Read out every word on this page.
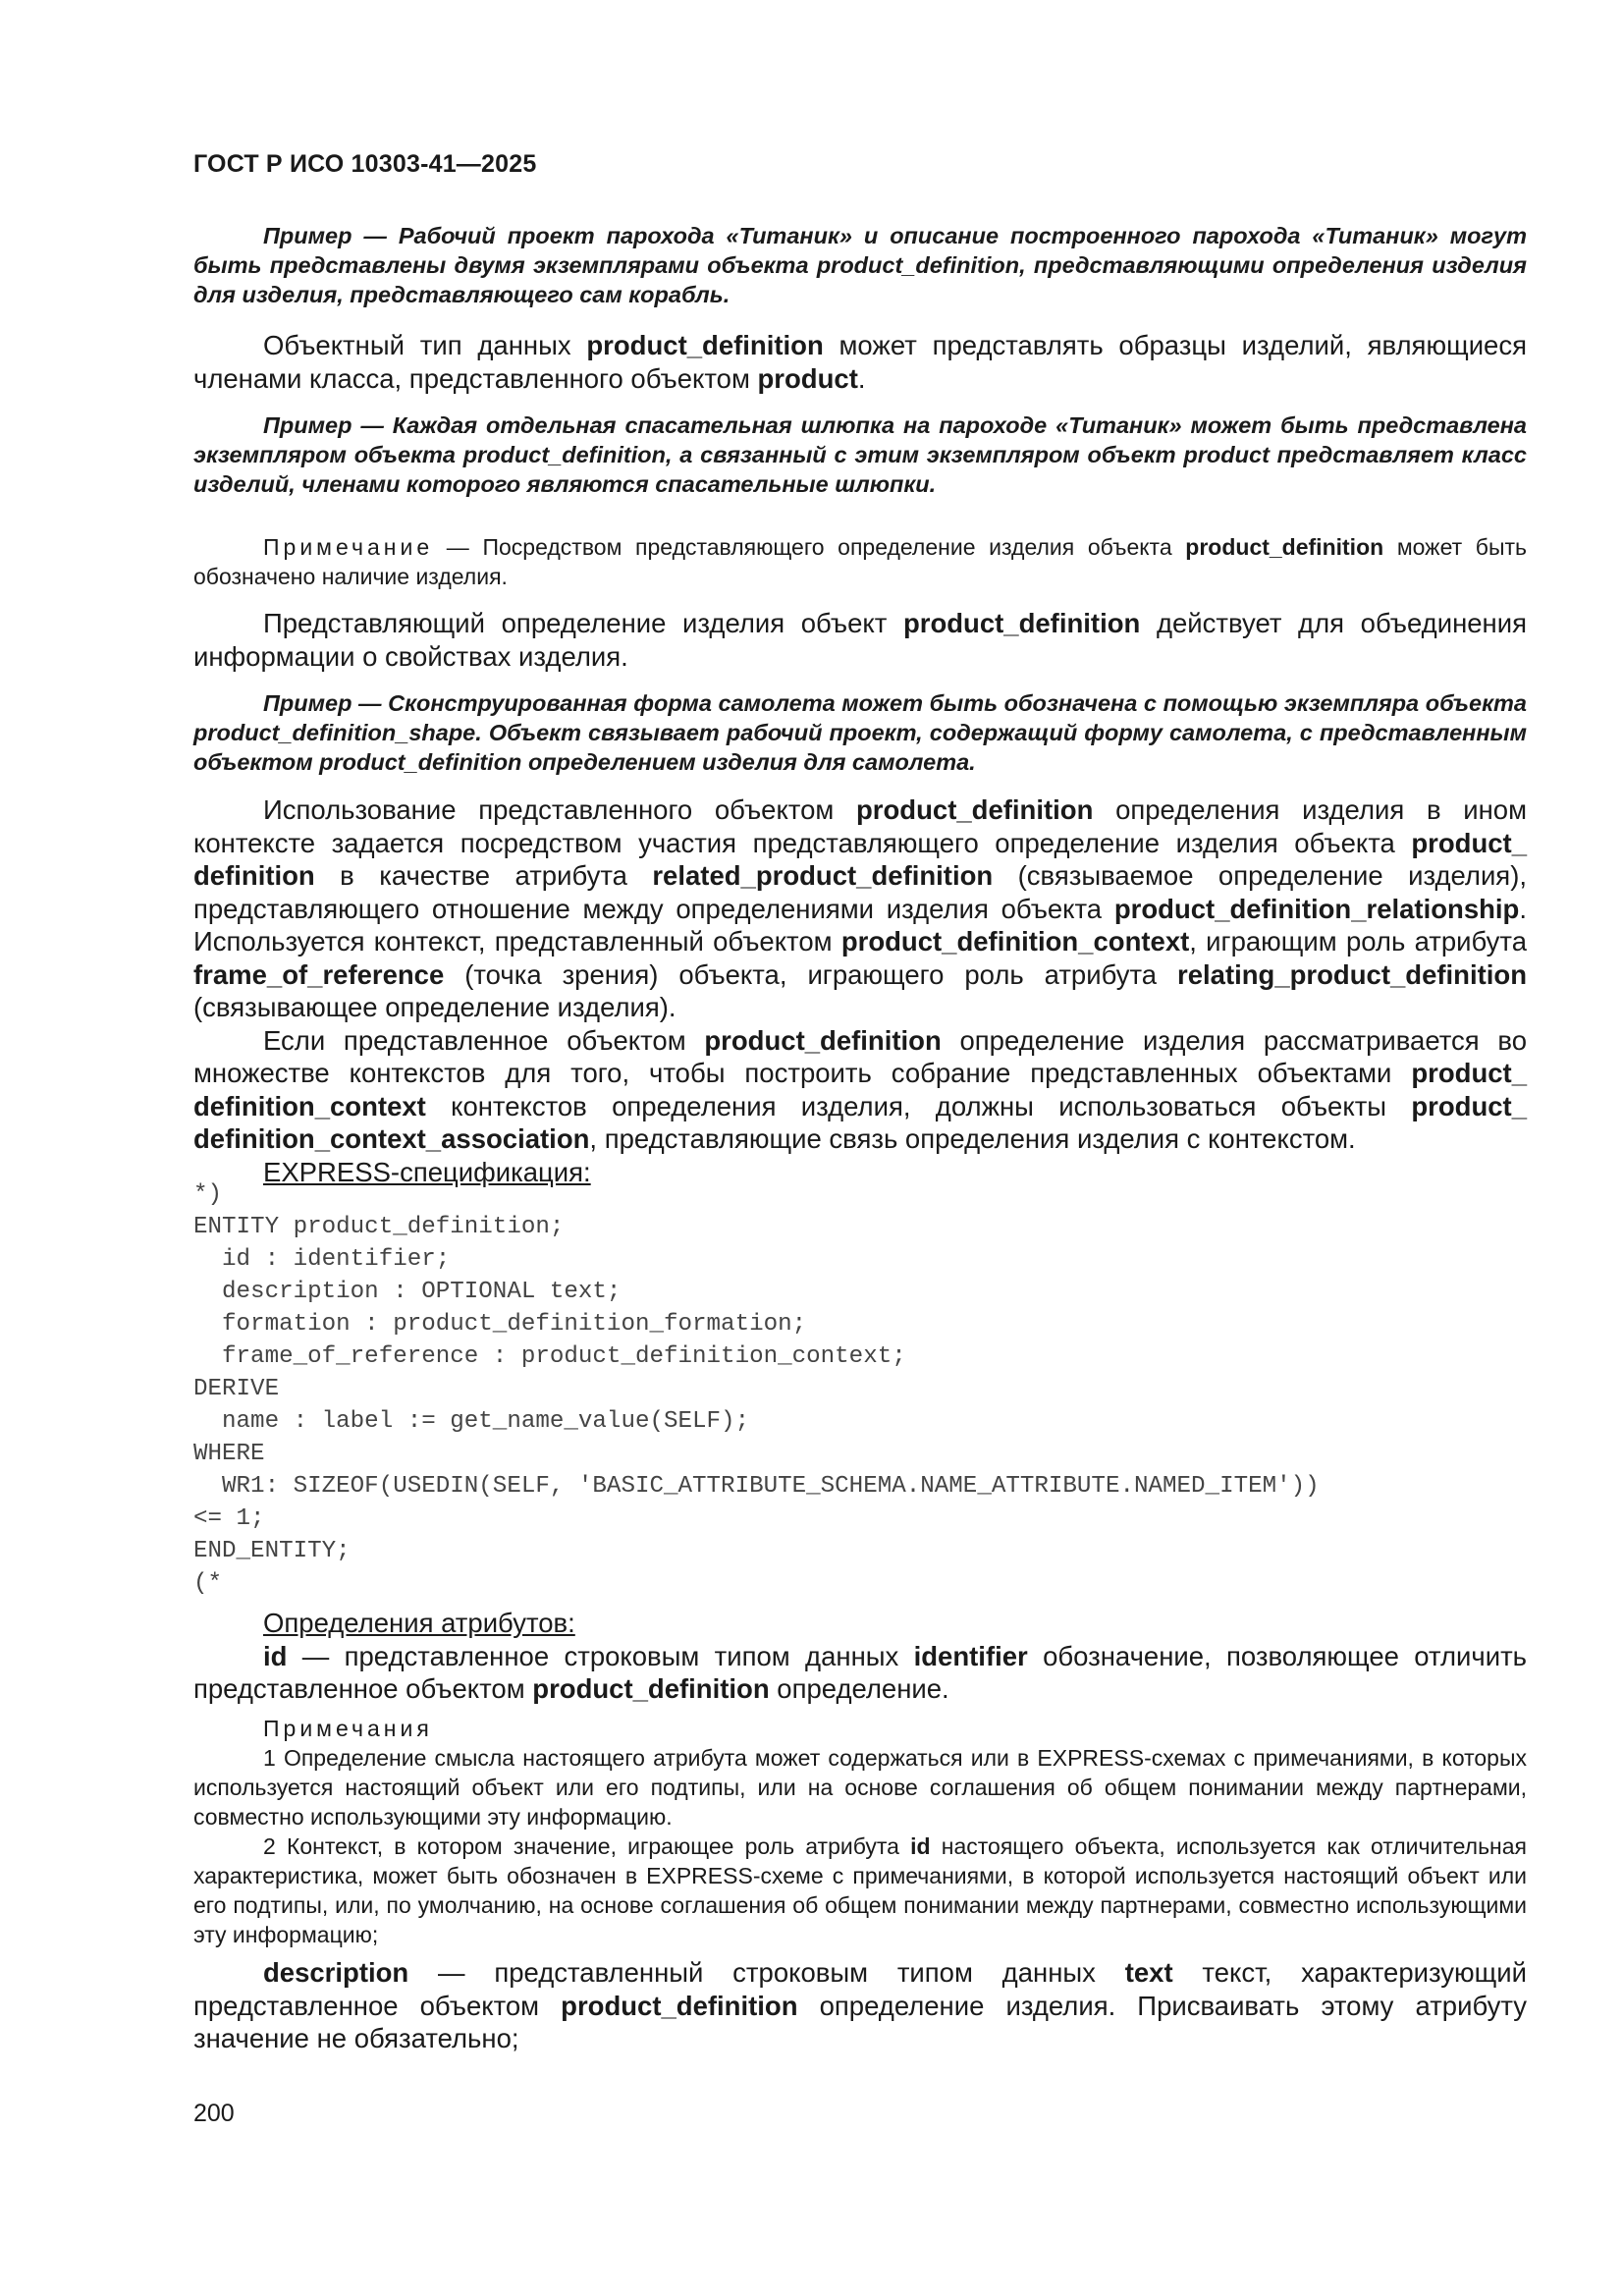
ГОСТ Р ИСО 10303-41—2025

Пример — Рабочий проект парохода «Титаник» и описание построенного парохода «Титаник» могут быть представлены двумя экземплярами объекта product_definition, представляющими определения изделия для изделия, представляющего сам корабль.

Объектный тип данных product_definition может представлять образцы изделий, являющиеся членами класса, представленного объектом product.

Пример — Каждая отдельная спасательная шлюпка на пароходе «Титаник» может быть представлена экземпляром объекта product_definition, а связанный с этим экземпляром объект product представляет класс изделий, членами которого являются спасательные шлюпки.

Примечание — Посредством представляющего определение изделия объекта product_definition может быть обозначено наличие изделия.

Представляющий определение изделия объект product_definition действует для объединения информации о свойствах изделия.

Пример — Сконструированная форма самолета может быть обозначена с помощью экземпляра объекта product_definition_shape. Объект связывает рабочий проект, содержащий форму самолета, с представленным объектом product_definition определением изделия для самолета.

Использование представленного объектом product_definition определения изделия в ином контексте задается посредством участия представляющего определение изделия объекта product_ definition в качестве атрибута related_product_definition (связываемое определение изделия), представляющего отношение между определениями изделия объекта product_definition_relationship. Используется контекст, представленный объектом product_definition_context, играющим роль атрибута frame_of_reference (точка зрения) объекта, играющего роль атрибута relating_product_definition (связывающее определение изделия).

Если представленное объектом product_definition определение изделия рассматривается во множестве контекстов для того, чтобы построить собрание представленных объектами product_ definition_context контекстов определения изделия, должны использоваться объекты product_ definition_context_association, представляющие связь определения изделия с контекстом.

EXPRESS-спецификация:

*)
ENTITY product_definition;
id : identifier;
description : OPTIONAL text;
formation : product_definition_formation;
frame_of_reference : product_definition_context;
DERIVE
name : label := get_name_value(SELF);
WHERE
WR1: SIZEOF(USEDIN(SELF, 'BASIC_ATTRIBUTE_SCHEMA.NAME_ATTRIBUTE.NAMED_ITEM'))
<= 1;
END_ENTITY;
(*

Определения атрибутов:

id — представленное строковым типом данных identifier обозначение, позволяющее отличить представленное объектом product_definition определение.

Примечания

1 Определение смысла настоящего атрибута может содержаться или в EXPRESS-схемах с примечаниями, в которых используется настоящий объект или его подтипы, или на основе соглашения об общем понимании между партнерами, совместно использующими эту информацию.

2 Контекст, в котором значение, играющее роль атрибута id настоящего объекта, используется как отличительная характеристика, может быть обозначен в EXPRESS-схеме с примечаниями, в которой используется настоящий объект или его подтипы, или, по умолчанию, на основе соглашения об общем понимании между партнерами, совместно использующими эту информацию;

description — представленный строковым типом данных text текст, характеризующий представленное объектом product_definition определение изделия. Присваивать этому атрибуту значение не обязательно;

200
